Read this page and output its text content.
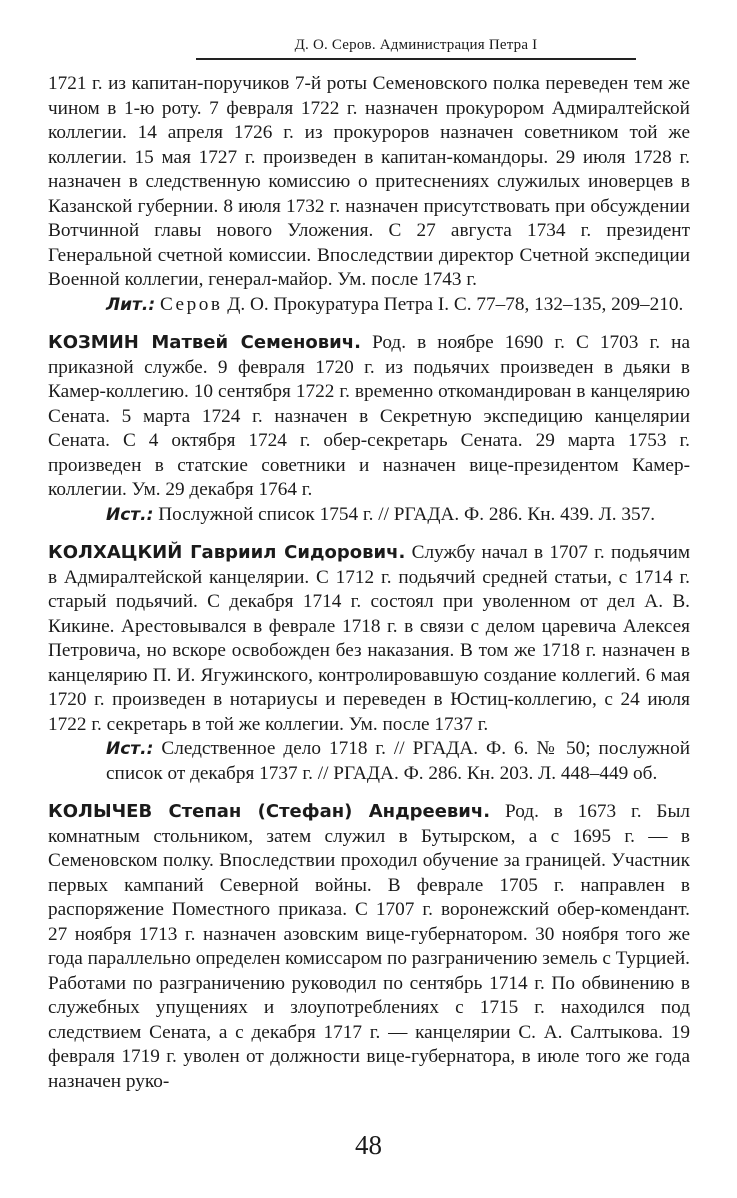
Д. О. Серов. Администрация Петра I

1721 г. из капитан-поручиков 7-й роты Семеновского полка переведен тем же чином в 1-ю роту. 7 февраля 1722 г. назначен прокурором Адмиралтейской коллегии. 14 апреля 1726 г. из прокуроров назначен советником той же коллегии. 15 мая 1727 г. произведен в капитан-командоры. 29 июля 1728 г. назначен в следственную комиссию о притеснениях служилых иноверцев в Казанской губернии. 8 июля 1732 г. назначен присутствовать при обсуждении Вотчинной главы нового Уложения. С 27 августа 1734 г. президент Генеральной счетной комиссии. Впоследствии директор Счетной экспедиции Военной коллегии, генерал-майор. Ум. после 1743 г.

Лит.: Серов Д. О. Прокуратура Петра I. С. 77–78, 132–135, 209–210.

КОЗМИН Матвей Семенович. Род. в ноябре 1690 г. С 1703 г. на приказной службе. 9 февраля 1720 г. из подьячих произведен в дьяки в Камер-коллегию. 10 сентября 1722 г. временно откомандирован в канцелярию Сената. 5 марта 1724 г. назначен в Секретную экспедицию канцелярии Сената. С 4 октября 1724 г. обер-секретарь Сената. 29 марта 1753 г. произведен в статские советники и назначен вице-президентом Камер-коллегии. Ум. 29 декабря 1764 г.

Ист.: Послужной список 1754 г. // РГАДА. Ф. 286. Кн. 439. Л. 357.

КОЛХАЦКИЙ Гавриил Сидорович. Службу начал в 1707 г. подьячим в Адмиралтейской канцелярии. С 1712 г. подьячий средней статьи, с 1714 г. старый подьячий. С декабря 1714 г. состоял при уволенном от дел А. В. Кикине. Арестовывался в феврале 1718 г. в связи с делом царевича Алексея Петровича, но вскоре освобожден без наказания. В том же 1718 г. назначен в канцелярию П. И. Ягужинского, контролировавшую создание коллегий. 6 мая 1720 г. произведен в нотариусы и переведен в Юстиц-коллегию, с 24 июля 1722 г. секретарь в той же коллегии. Ум. после 1737 г.

Ист.: Следственное дело 1718 г. // РГАДА. Ф. 6. № 50; послужной список от декабря 1737 г. // РГАДА. Ф. 286. Кн. 203. Л. 448–449 об.

КОЛЫЧЕВ Степан (Стефан) Андреевич. Род. в 1673 г. Был комнатным стольником, затем служил в Бутырском, а с 1695 г. — в Семеновском полку. Впоследствии проходил обучение за границей. Участник первых кампаний Северной войны. В феврале 1705 г. направлен в распоряжение Поместного приказа. С 1707 г. воронежский обер-комендант. 27 ноября 1713 г. назначен азовским вице-губернатором. 30 ноября того же года параллельно определен комиссаром по разграничению земель с Турцией. Работами по разграничению руководил по сентябрь 1714 г. По обвинению в служебных упущениях и злоупотреблениях с 1715 г. находился под следствием Сената, а с декабря 1717 г. — канцелярии С. А. Салтыкова. 19 февраля 1719 г. уволен от должности вице-губернатора, в июле того же года назначен руко-

48
